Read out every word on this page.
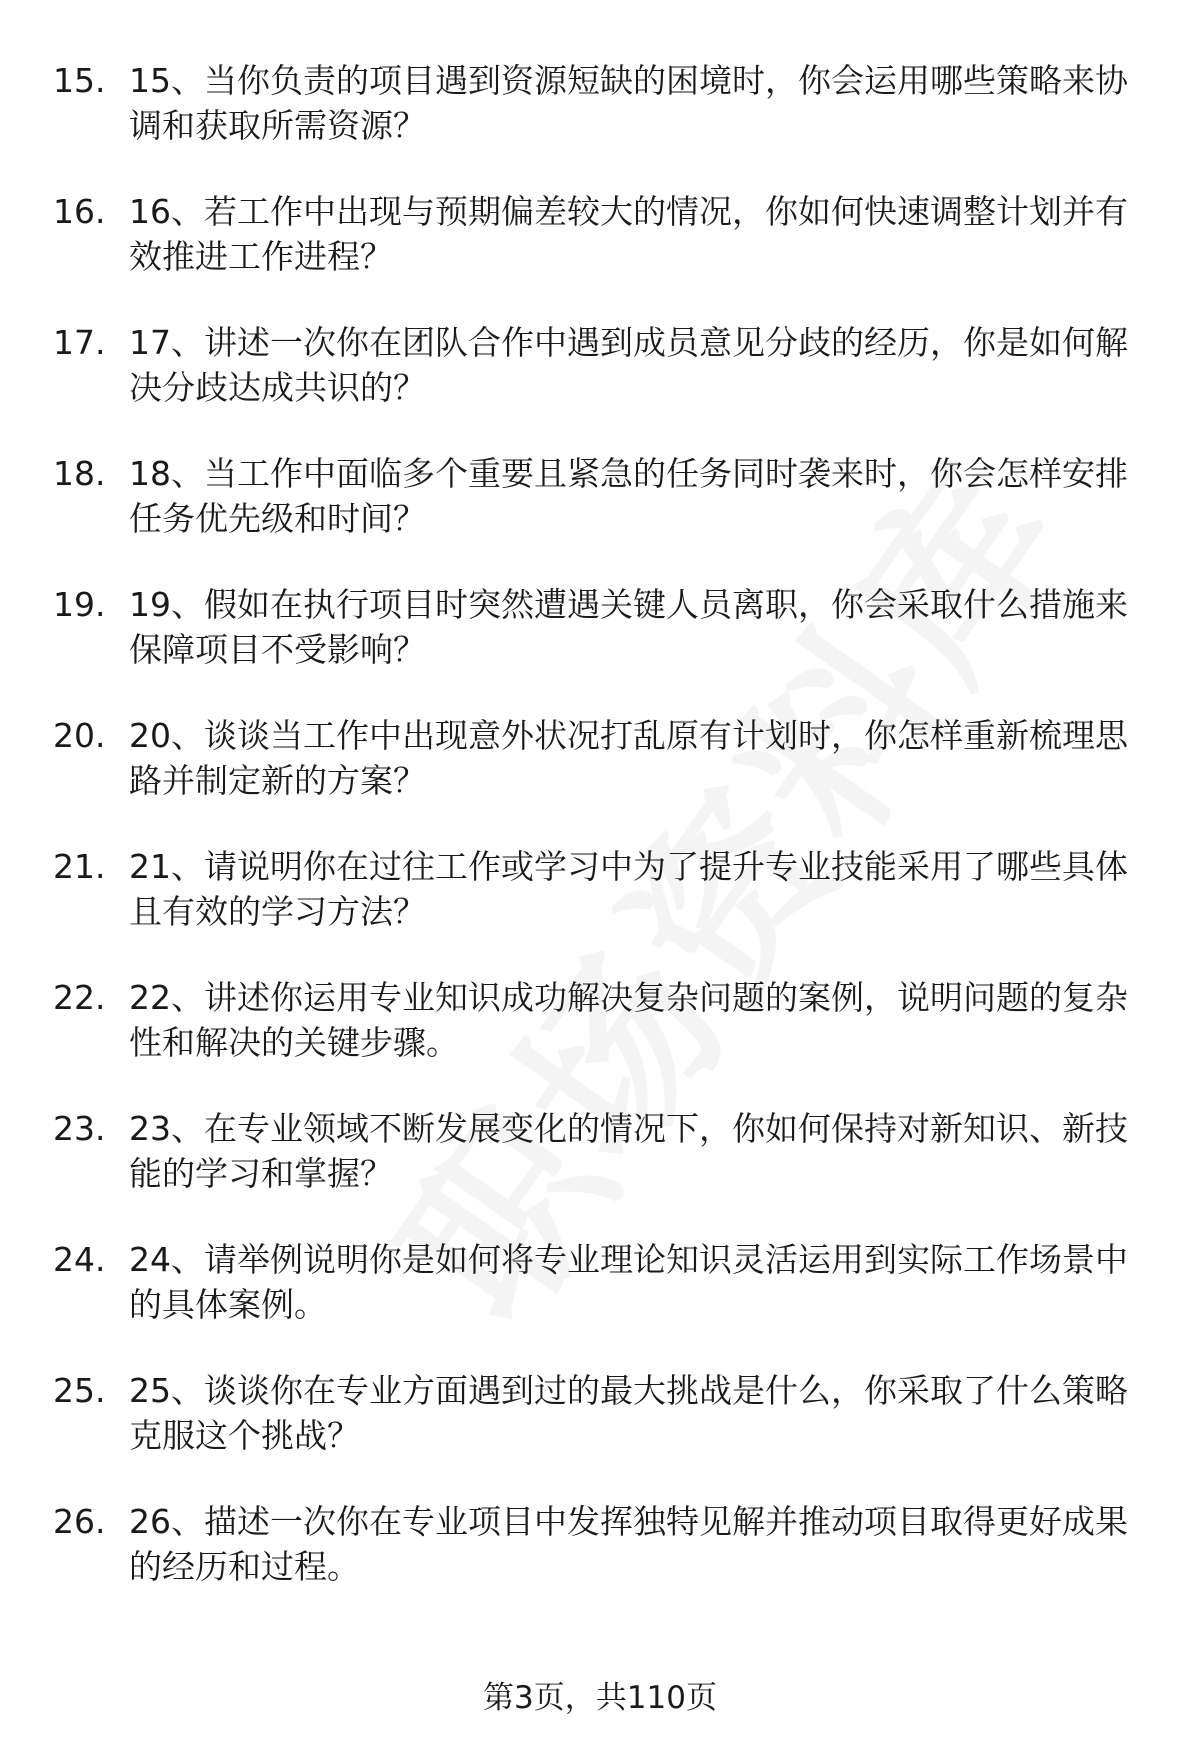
15. 15、当你负责的项目遇到资源短缺的困境时，你会运用哪些策略来协调和获取所需资源？
16. 16、若工作中出现与预期偏差较大的情况，你如何快速调整计划并有效推进工作进程？
17. 17、讲述一次你在团队合作中遇到成员意见分歧的经历，你是如何解决分歧达成共识的？
18. 18、当工作中面临多个重要且紧急的任务同时袭来时，你会怎样安排任务优先级和时间？
19. 19、假如在执行项目时突然遭遇关键人员离职，你会采取什么措施来保障项目不受影响？
20. 20、谈谈当工作中出现意外状况打乱原有计划时，你怎样重新梳理思路并制定新的方案？
21. 21、请说明你在过往工作或学习中为了提升专业技能采用了哪些具体且有效的学习方法？
22. 22、讲述你运用专业知识成功解决复杂问题的案例，说明问题的复杂性和解决的关键步骤。
23. 23、在专业领域不断发展变化的情况下，你如何保持对新知识、新技能的学习和掌握？
24. 24、请举例说明你是如何将专业理论知识灵活运用到实际工作场景中的具体案例。
25. 25、谈谈你在专业方面遇到过的最大挑战是什么，你采取了什么策略克服这个挑战？
26. 26、描述一次你在专业项目中发挥独特见解并推动项目取得更好成果的经历和过程。
第3页，共110页
